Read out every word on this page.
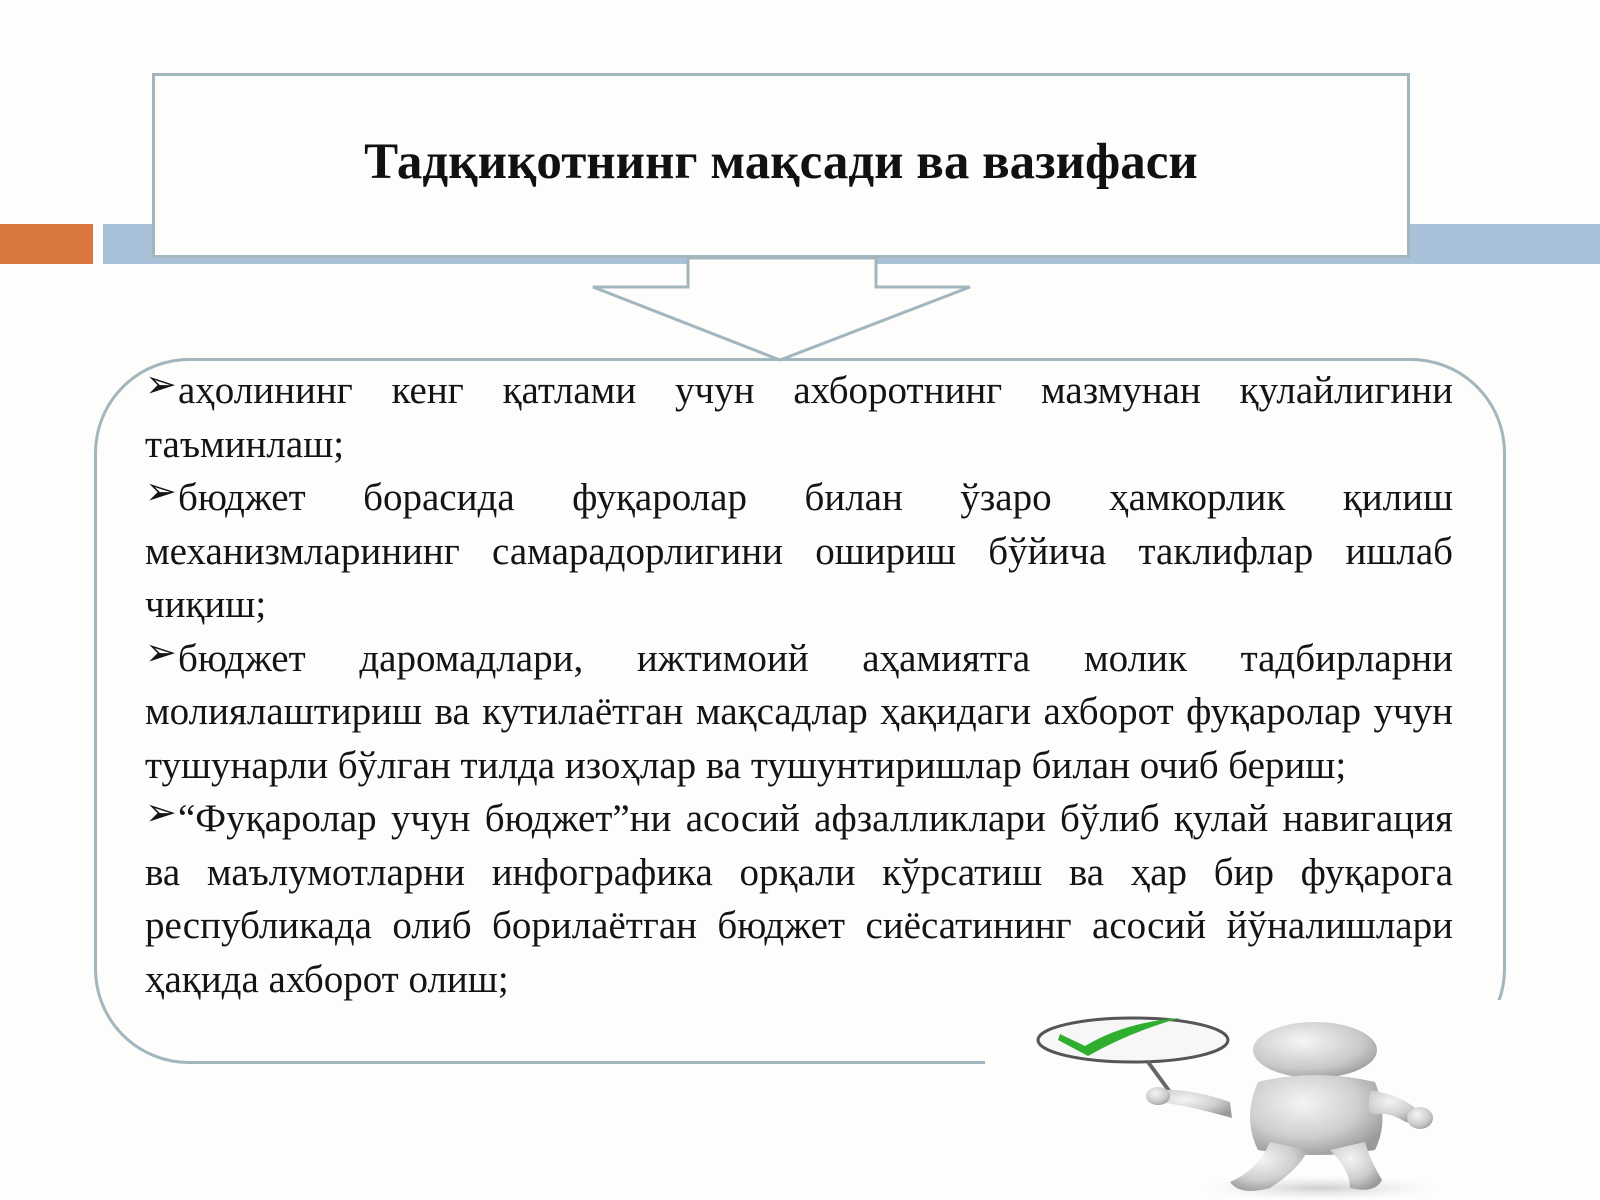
Тадқиқотнинг мақсади ва вазифаси

➢аҳолининг кенг қатлами учун ахборотнинг мазмунан қулайлигини таъминлаш;

➢бюджет борасида фуқаролар билан ўзаро ҳамкорлик қилиш механизмларининг самарадорлигини ошириш бўйича таклифлар ишлаб чиқиш;

➢бюджет даромадлари, ижтимоий аҳамиятга молик тадбирларни молиялаштириш ва кутилаётган мақсадлар ҳақидаги ахборот фуқаролар учун тушунарли бўлган тилда изоҳлар ва тушунтиришлар билан очиб бериш;

➢“Фуқаролар учун бюджет”ни асосий афзалликлари бўлиб қулай навигация ва маълумотларни инфографика орқали кўрсатиш ва ҳар бир фуқарога республикада олиб борилаётган бюджет сиёсатининг асосий йўналишлари ҳақида ахборот олиш;
